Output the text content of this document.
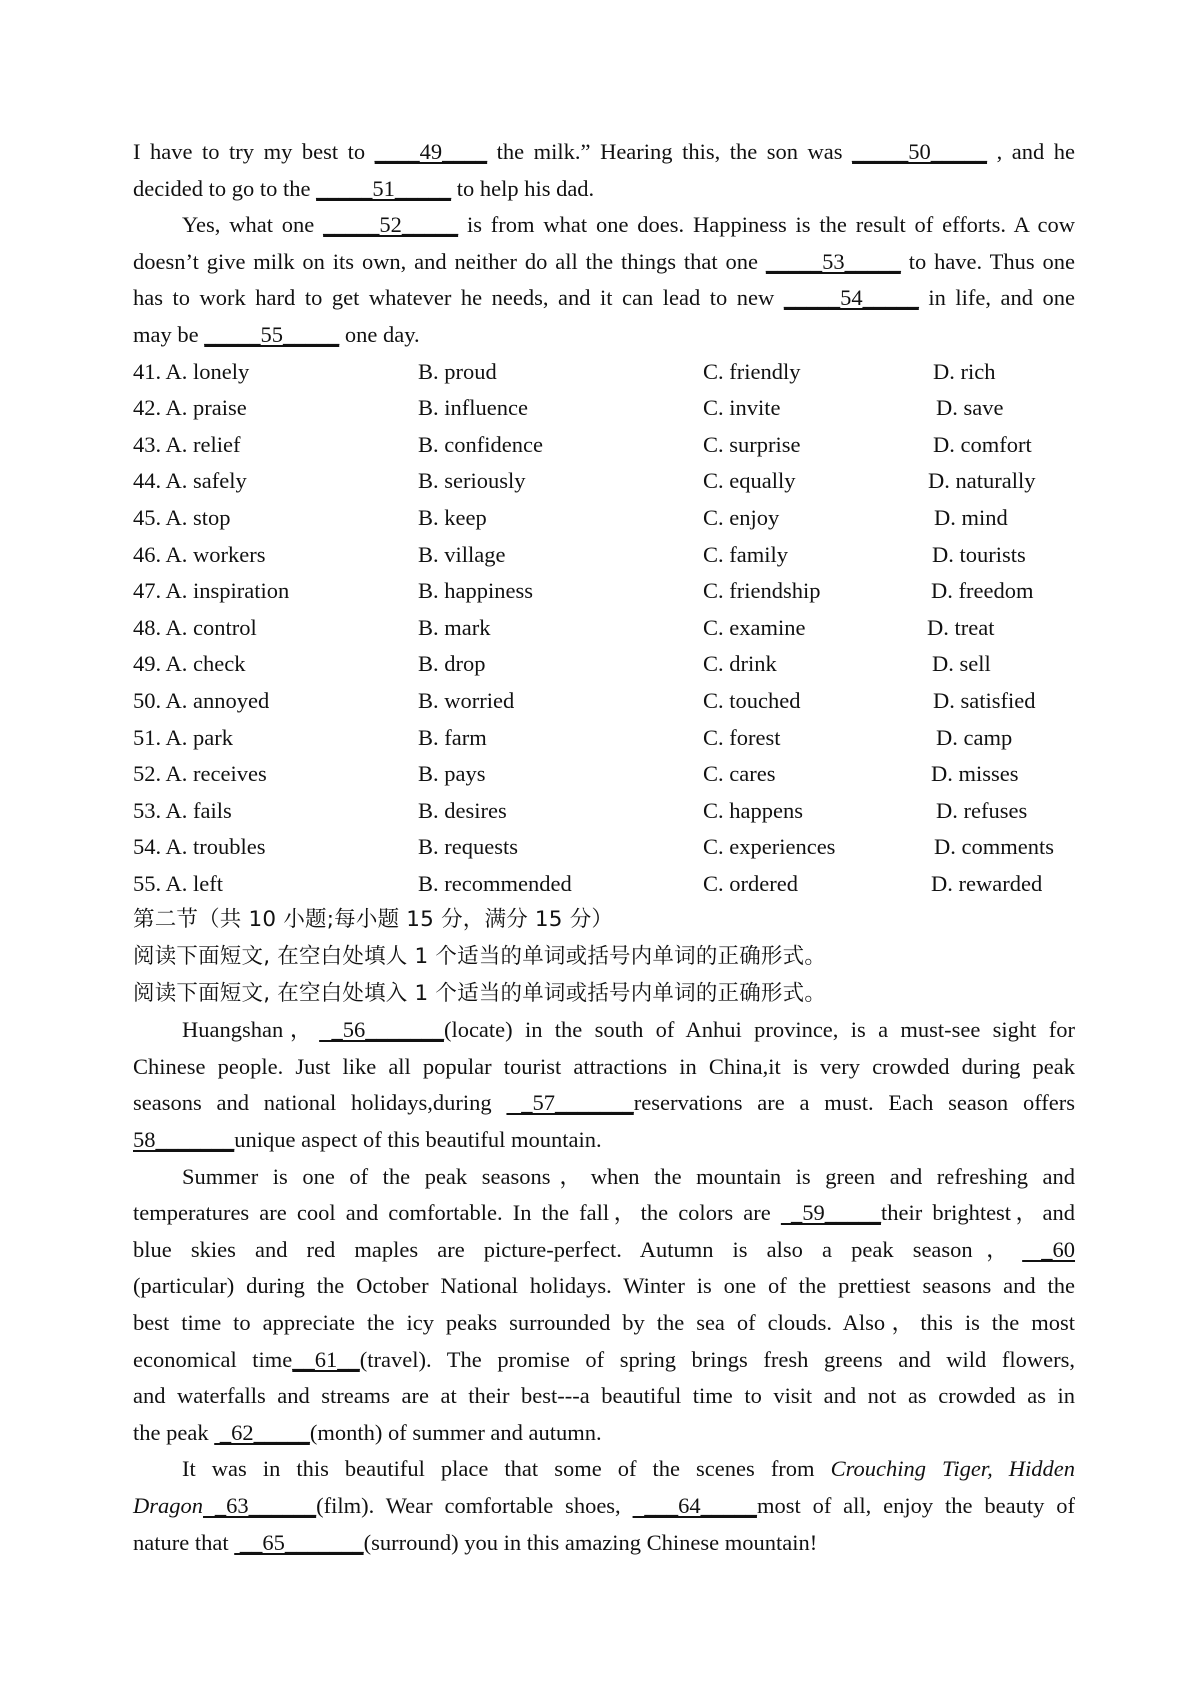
I have to try my best to ____49____ the milk.” Hearing this, the son was _____50_____ , and he
decided to go to the _____51_____ to help his dad.
Yes, what one _____52_____ is from what one does. Happiness is the result of efforts. A cow
doesn’t give milk on its own, and neither do all the things that one _____53_____ to have. Thus one
has to work hard to get whatever he needs, and it can lead to new _____54_____ in life, and one
may be _____55_____ one day.
41. A. lonely	B. proud	C. friendly	D. rich
42. A. praise	B. influence	C. invite	D. save
43. A. relief	B. confidence	C. surprise	D. comfort
44. A. safely	B. seriously	C. equally	D. naturally
45. A. stop	B. keep	C. enjoy	D. mind
46. A. workers	B. village	C. family	D. tourists
47. A. inspiration	B. happiness	C. friendship	D. freedom
48. A. control	B. mark	C. examine	D. treat
49. A. check	B. drop	C. drink	D. sell
50. A. annoyed	B. worried	C. touched	D. satisfied
51. A. park	B. farm	C. forest	D. camp
52. A. receives	B. pays	C. cares	D. misses
53. A. fails	B. desires	C. happens	D. refuses
54. A. troubles	B. requests	C. experiences	D. comments
55. A. left	B. recommended	C. ordered	D. rewarded
第二节（共 10 小题;每小题 15 分，满分 15 分）
阅读下面短文, 在空白处填人 1 个适当的单词或括号内单词的正确形式。
阅读下面短文, 在空白处填入 1 个适当的单词或括号内单词的正确形式。
Huangshan， _56_______(locate) in the south of Anhui province, is a must-see sight for
Chinese people. Just like all popular tourist attractions in China,it is very crowded during peak
seasons and national holidays,during  _57_______reservations are a must. Each season offers
58_______unique aspect of this beautiful mountain.
Summer is one of the peak seasons，when the mountain is green and refreshing and
temperatures are cool and comfortable. In the fall，the colors are  _59_____their brightest，and
blue skies and red maples are picture-perfect. Autumn is also a peak season， _60
(particular) during the October National holidays. Winter is one of the prettiest seasons and the
best time to appreciate the icy peaks surrounded by the sea of clouds. Also，this is the most
economical time__61__(travel). The promise of spring brings fresh greens and wild flowers,
and waterfalls and streams are at their best---a beautiful time to visit and not as crowded as in
the peak  _62_____(month) of summer and autumn.
It was in this beautiful place that some of the scenes from Crouching Tiger, Hidden
Dragon _63______(film). Wear comfortable shoes,  ___64_____most of all, enjoy the beauty of
nature that  __65_______(surround) you in this amazing Chinese mountain!
